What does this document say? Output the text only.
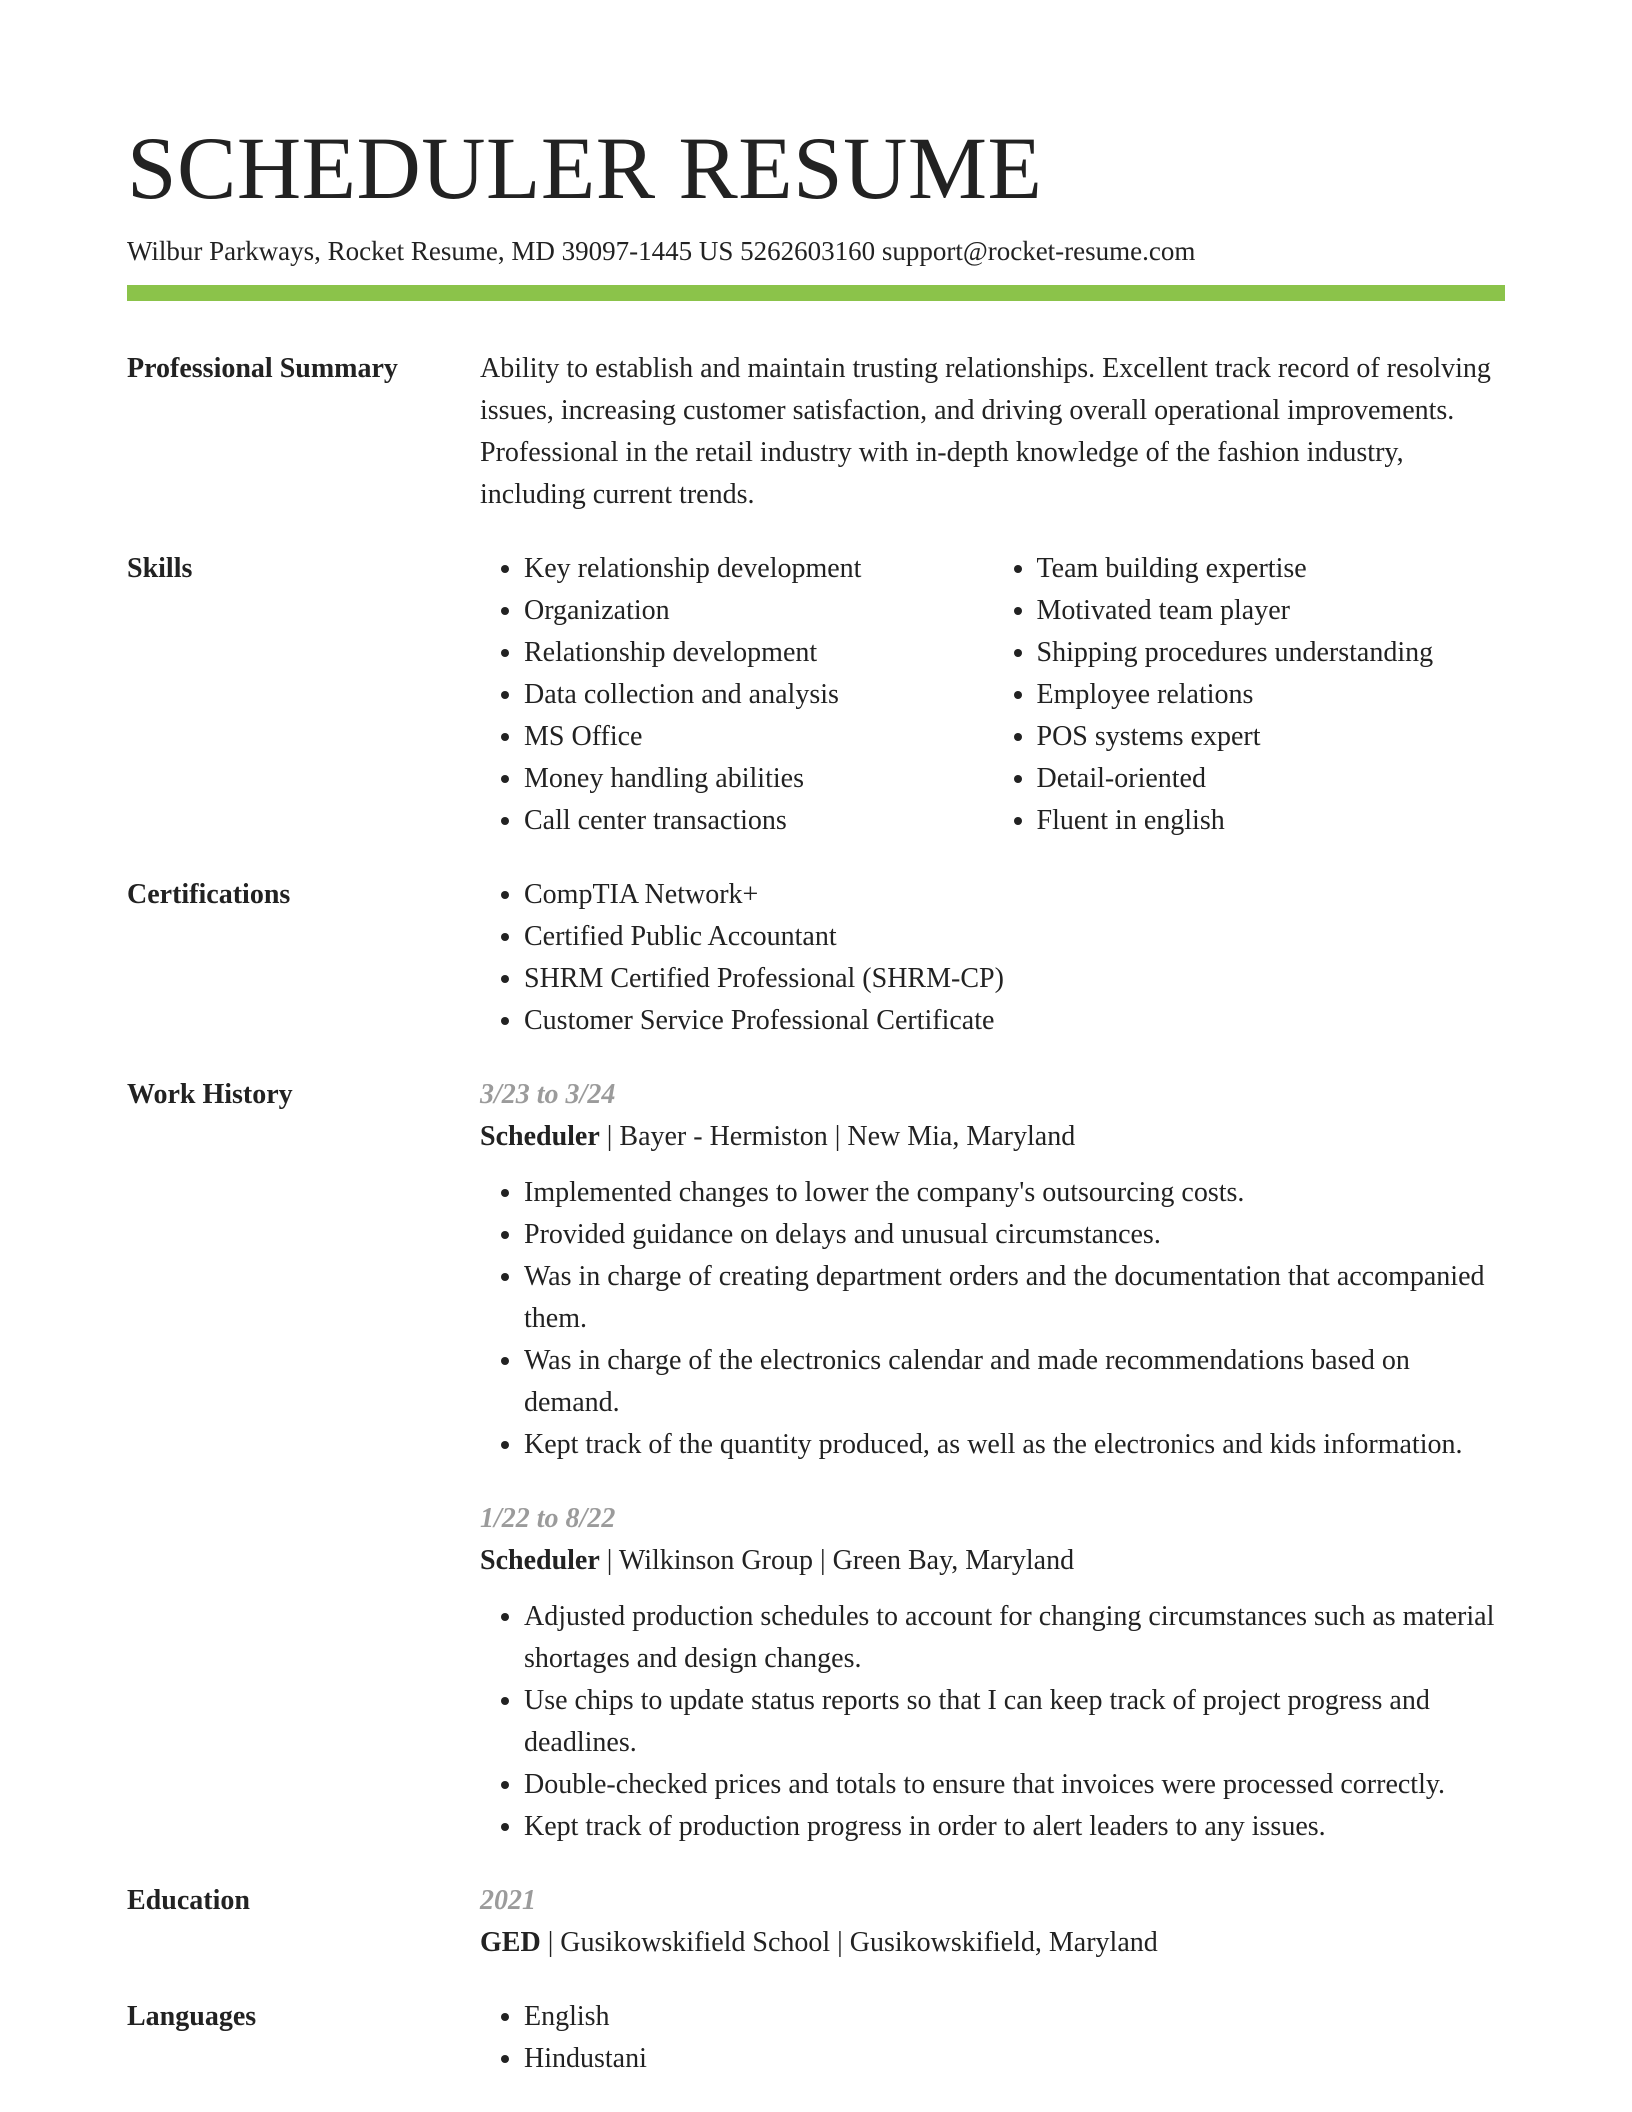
SCHEDULER RESUME
Wilbur Parkways, Rocket Resume, MD 39097-1445 US 5262603160 support@rocket-resume.com
Professional Summary	Ability to establish and maintain trusting relationships. Excellent track record of resolving issues, increasing customer satisfaction, and driving overall operational improvements. Professional in the retail industry with in-depth knowledge of the fashion industry, including current trends.

Skills	• Key relationship development
• Organization
• Relationship development
• Data collection and analysis
• MS Office
• Money handling abilities
• Call center transactions
• Team building expertise
• Motivated team player
• Shipping procedures understanding
• Employee relations
• POS systems expert
• Detail-oriented
• Fluent in english
Certifications	• CompTIA Network+
• Certified Public Accountant
• SHRM Certified Professional (SHRM-CP)
• Customer Service Professional Certificate
Work History	3/23 to 3/24
Scheduler | Bayer - Hermiston | New Mia, Maryland
• Implemented changes to lower the company's outsourcing costs.
• Provided guidance on delays and unusual circumstances.
• Was in charge of creating department orders and the documentation that accompanied them.
• Was in charge of the electronics calendar and made recommendations based on demand.
• Kept track of the quantity produced, as well as the electronics and kids information.
1/22 to 8/22
Scheduler | Wilkinson Group | Green Bay, Maryland
• Adjusted production schedules to account for changing circumstances such as material shortages and design changes.
• Use chips to update status reports so that I can keep track of project progress and deadlines.
• Double-checked prices and totals to ensure that invoices were processed correctly.
• Kept track of production progress in order to alert leaders to any issues.
Education	2021
GED | Gusikowskifield School | Gusikowskifield, Maryland
Languages	• English
• Hindustani
